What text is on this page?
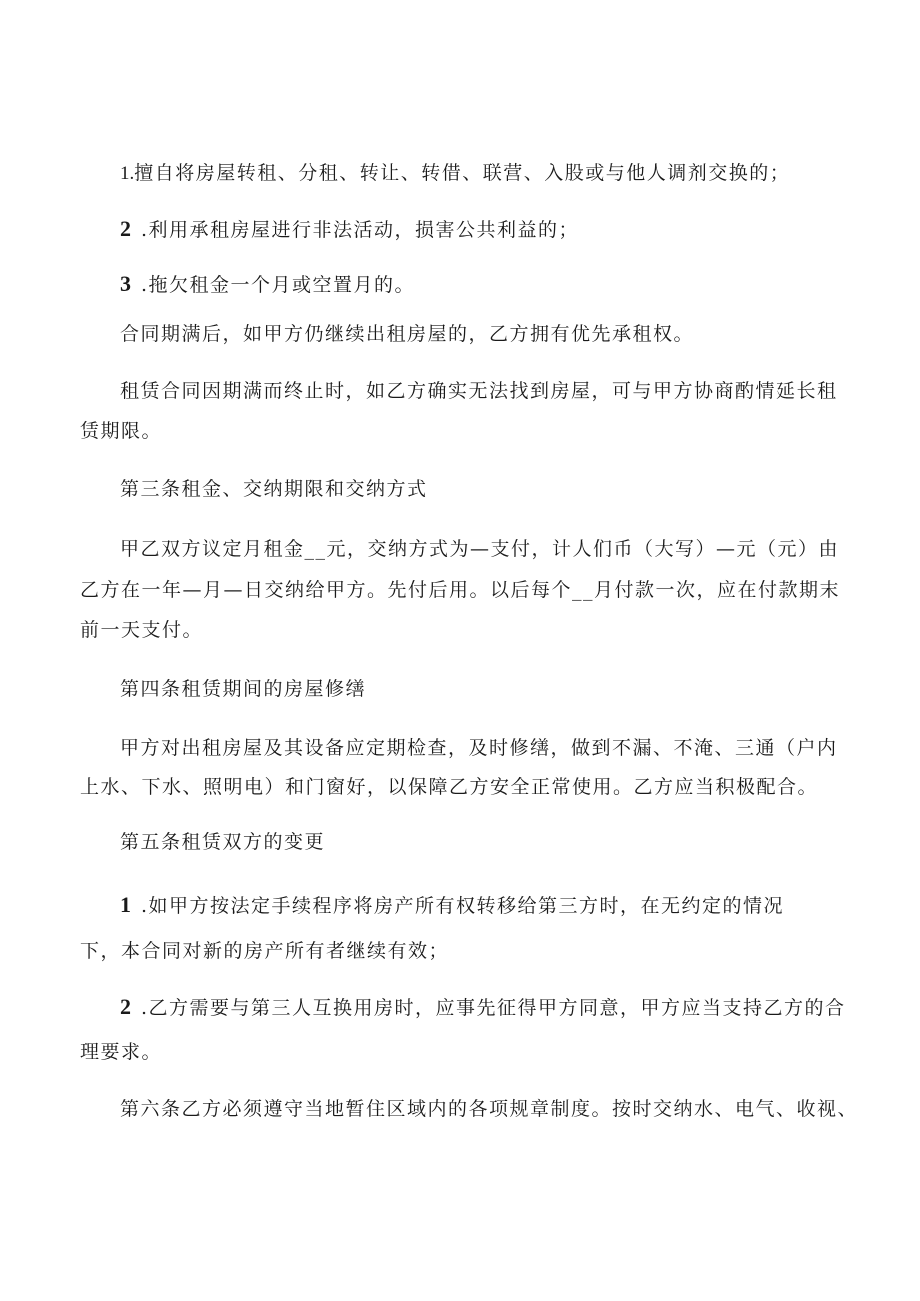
1.擅自将房屋转租、分租、转让、转借、联营、入股或与他人调剂交换的；
2 .利用承租房屋进行非法活动，损害公共利益的；
3 .拖欠租金一个月或空置月的。
合同期满后，如甲方仍继续出租房屋的，乙方拥有优先承租权。
租赁合同因期满而终止时，如乙方确实无法找到房屋，可与甲方协商酌情延长租
赁期限。
第三条租金、交纳期限和交纳方式
甲乙双方议定月租金__元，交纳方式为—支付，计人们币（大写）—元（元）由
乙方在一年—月—日交纳给甲方。先付后用。以后每个__月付款一次，应在付款期末
前一天支付。
第四条租赁期间的房屋修缮
甲方对出租房屋及其设备应定期检查，及时修缮，做到不漏、不淹、三通（户内
上水、下水、照明电）和门窗好，以保障乙方安全正常使用。乙方应当积极配合。
第五条租赁双方的变更
1 .如甲方按法定手续程序将房产所有权转移给第三方时，在无约定的情况
下，本合同对新的房产所有者继续有效；
2 .乙方需要与第三人互换用房时，应事先征得甲方同意，甲方应当支持乙方的合
理要求。
第六条乙方必须遵守当地暂住区域内的各项规章制度。按时交纳水、电气、收视、
